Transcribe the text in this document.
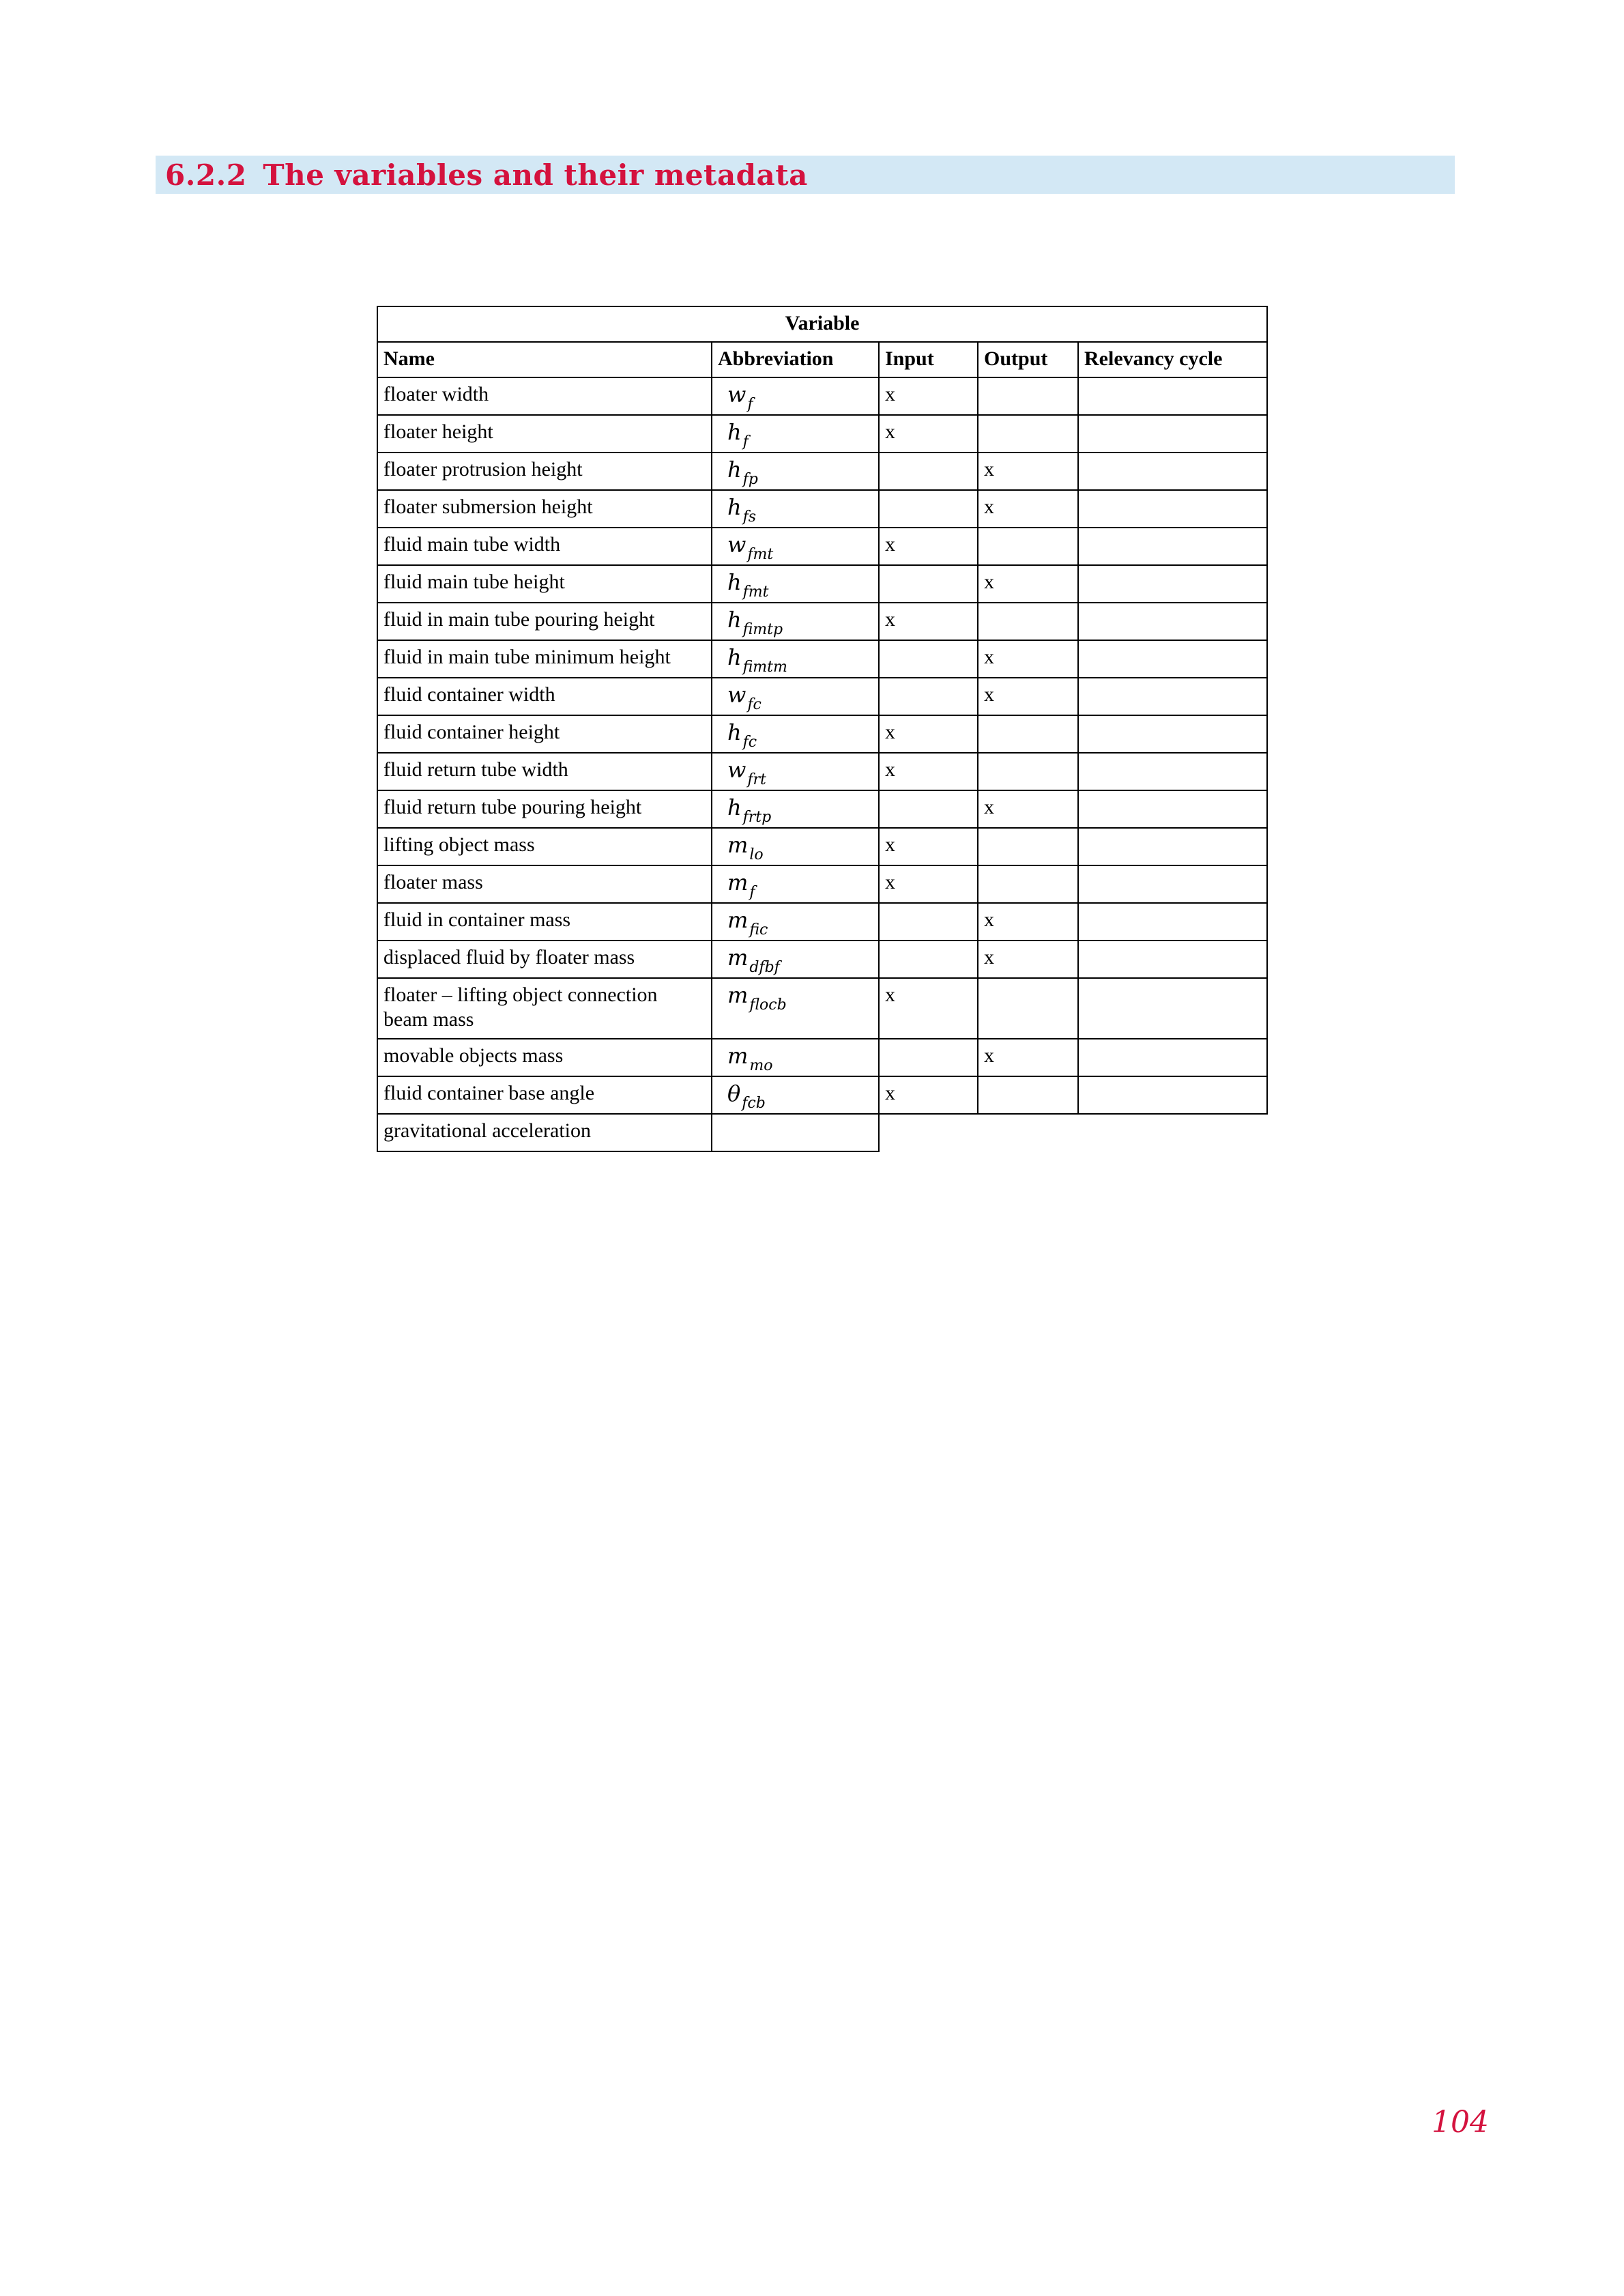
6.2.2 The variables and their metadata
Variable				
Name	Abbreviation	Input	Output	Relevancy cycle
floater width	$w_f$	x		
floater height	$h_f$	x		
floater protrusion height	$h_{fp}$		x	
floater submersion height	$h_{fs}$		x	
fluid main tube width	$w_{fmt}$	x		
fluid main tube height	$h_{fmt}$		x	
fluid in main tube pouring height	$h_{fimtp}$	x		
fluid in main tube minimum height	$h_{fimtm}$		x	
fluid container width	$w_{fc}$		x	
fluid container height	$h_{fc}$	x		
fluid return tube width	$w_{frt}$	x		
fluid return tube pouring height	$h_{frtp}$		x	
lifting object mass	$m_{lo}$	x		
floater mass	$m_f$	x		
fluid in container mass	$m_{fic}$		x	
displaced fluid by floater mass	$m_{dfbf}$		x	
floater – lifting object connection beam mass	$m_{flocb}$	x		
movable objects mass	$m_{mo}$		x	
fluid container base angle	$\theta_{fcb}$	x		
gravitational acceleration				
104
